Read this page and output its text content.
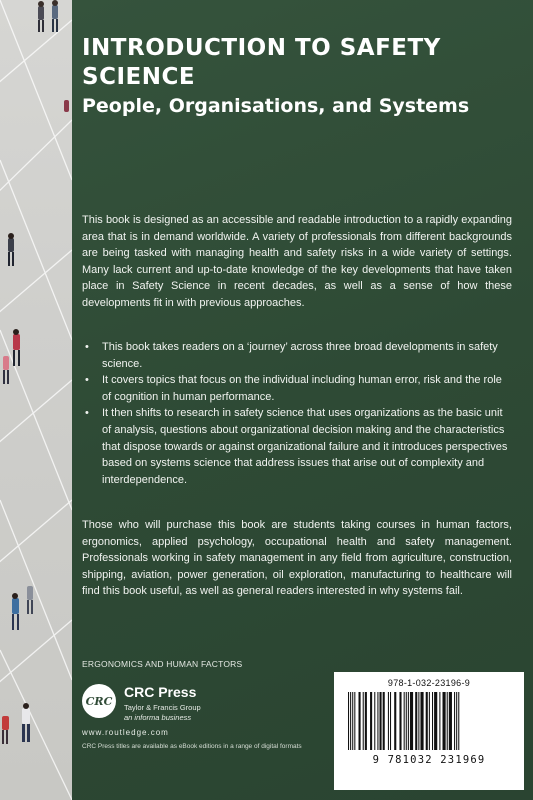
INTRODUCTION TO SAFETY SCIENCE
People, Organisations, and Systems

This book is designed as an accessible and readable introduction to a rapidly expanding area that is in demand worldwide. A variety of professionals from different backgrounds are being tasked with managing health and safety risks in a wide variety of settings. Many lack current and up-to-date knowledge of the key developments that have taken place in Safety Science in recent decades, as well as a sense of how these developments fit in with previous approaches.

• This book takes readers on a ‘journey’ across three broad developments in safety science.
• It covers topics that focus on the individual including human error, risk and the role of cognition in human performance.
• It then shifts to research in safety science that uses organizations as the basic unit of analysis, questions about organizational decision making and the characteristics that dispose towards or against organizational failure and it introduces perspectives based on systems science that address issues that arise out of complexity and interdependence.

Those who will purchase this book are students taking courses in human factors, ergonomics, applied psychology, occupational health and safety management. Professionals working in safety management in any field from agriculture, construction, shipping, aviation, power generation, oil exploration, manufacturing to healthcare will find this book useful, as well as general readers interested in why systems fail.

ERGONOMICS AND HUMAN FACTORS

CRC

CRC Press

Taylor & Francis Group

an informa business

www.routledge.com

CRC Press titles are available as eBook editions in a range of digital formats

978-1-032-23196-9

9 781032 231969
